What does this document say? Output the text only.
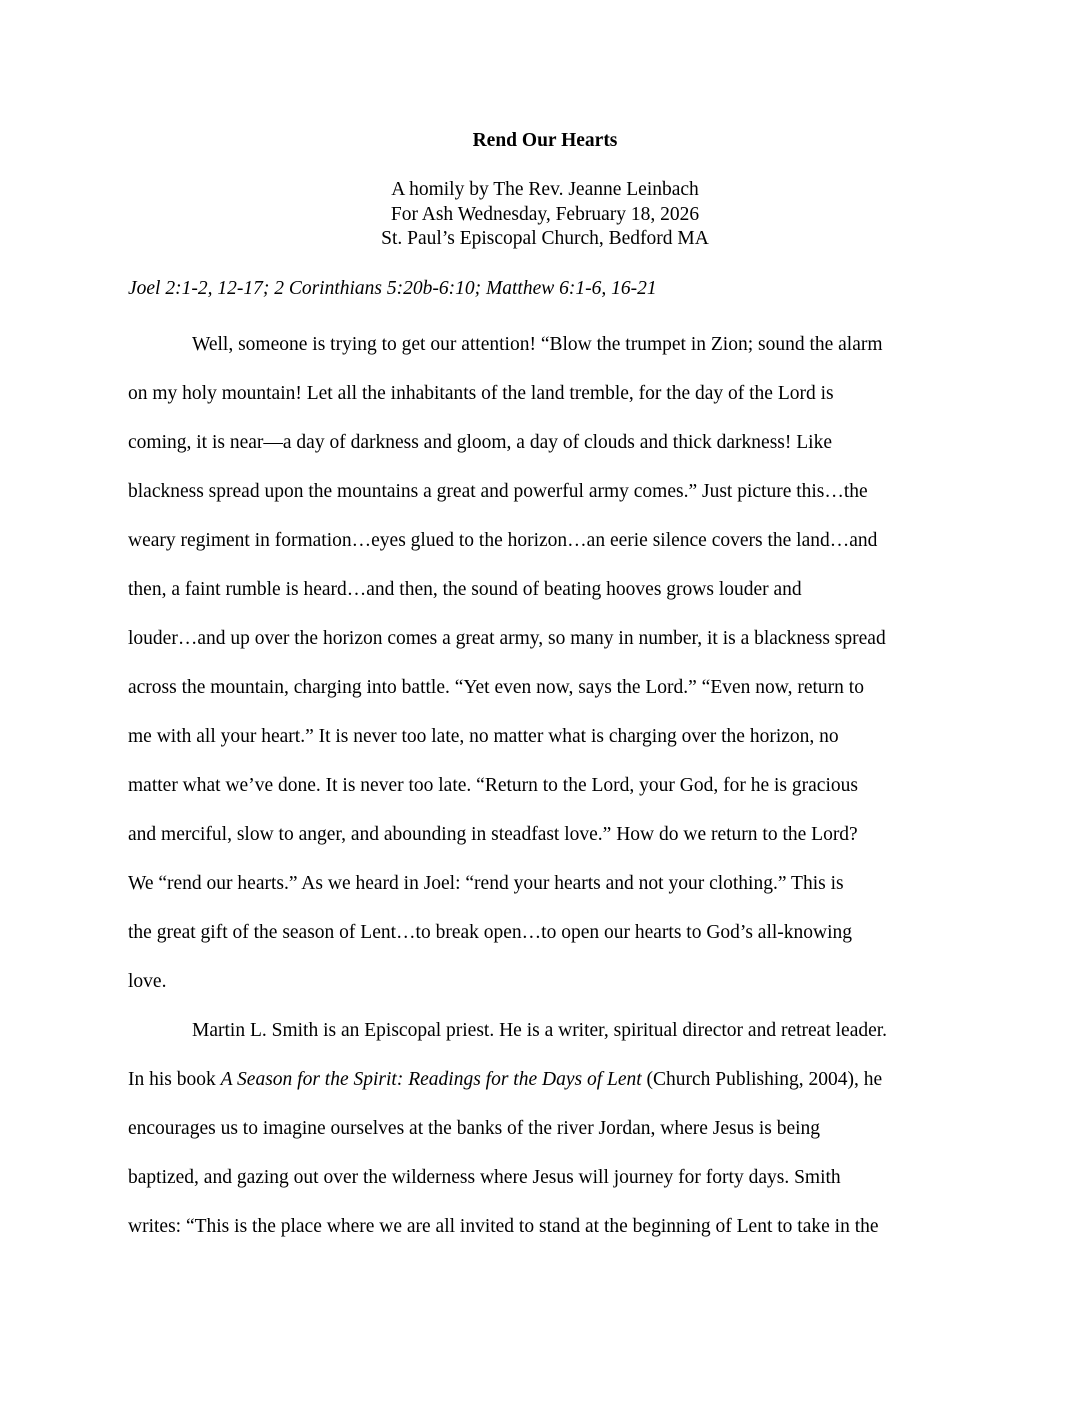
Rend Our Hearts
A homily by The Rev. Jeanne Leinbach
For Ash Wednesday, February 18, 2026
St. Paul’s Episcopal Church, Bedford MA
Joel 2:1-2, 12-17; 2 Corinthians 5:20b-6:10; Matthew 6:1-6, 16-21
Well, someone is trying to get our attention! “Blow the trumpet in Zion; sound the alarm
on my holy mountain! Let all the inhabitants of the land tremble, for the day of the Lord is
coming, it is near—a day of darkness and gloom, a day of clouds and thick darkness! Like
blackness spread upon the mountains a great and powerful army comes.” Just picture this…the
weary regiment in formation…eyes glued to the horizon…an eerie silence covers the land…and
then, a faint rumble is heard…and then, the sound of beating hooves grows louder and
louder…and up over the horizon comes a great army, so many in number, it is a blackness spread
across the mountain, charging into battle. “Yet even now, says the Lord.” “Even now, return to
me with all your heart.” It is never too late, no matter what is charging over the horizon, no
matter what we’ve done. It is never too late. “Return to the Lord, your God, for he is gracious
and merciful, slow to anger, and abounding in steadfast love.” How do we return to the Lord?
We “rend our hearts.” As we heard in Joel: “rend your hearts and not your clothing.” This is
the great gift of the season of Lent…to break open…to open our hearts to God’s all-knowing
love.
Martin L. Smith is an Episcopal priest. He is a writer, spiritual director and retreat leader.
In his book A Season for the Spirit: Readings for the Days of Lent (Church Publishing, 2004), he
encourages us to imagine ourselves at the banks of the river Jordan, where Jesus is being
baptized, and gazing out over the wilderness where Jesus will journey for forty days. Smith
writes: “This is the place where we are all invited to stand at the beginning of Lent to take in the
